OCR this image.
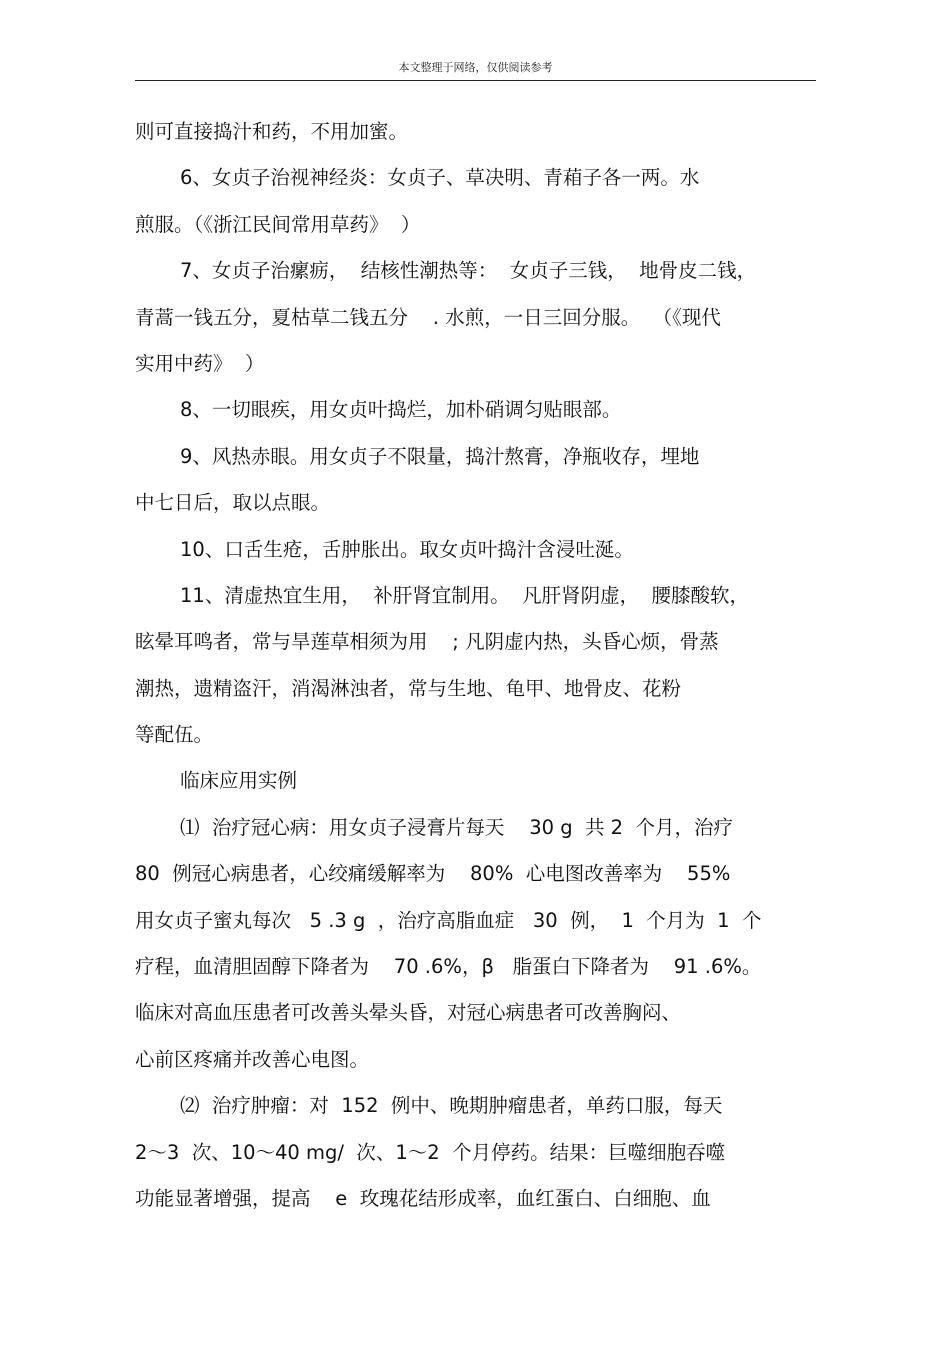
本文整理于网络，仅供阅读参考
则可直接捣汁和药，不用加蜜。
6、女贞子治视神经炎：女贞子、草决明、青葙子各一两。水
煎服。（《浙江民间常用草药》  ）
7、女贞子治瘰疬，  结核性潮热等：  女贞子三钱，  地骨皮二钱，
青蒿一钱五分，夏枯草二钱五分    . 水煎，一日三回分服。  （《现代
实用中药》  ）
8、一切眼疾，用女贞叶捣烂，加朴硝调匀贴眼部。
9、风热赤眼。用女贞子不限量，捣汁熬膏，净瓶收存，埋地
中七日后，取以点眼。
10、口舌生疮，舌肿胀出。取女贞叶捣汁含浸吐涎。
11、清虚热宜生用，  补肝肾宜制用。  凡肝肾阴虚，  腰膝酸软，
眩晕耳鸣者，常与旱莲草相须为用    ; 凡阴虚内热，头昏心烦，骨蒸
潮热，遗精盗汗，消渴淋浊者，常与生地、龟甲、地骨皮、花粉
等配伍。
临床应用实例
⑴  治疗冠心病：用女贞子浸膏片每天    30 g  共 2  个月，治疗
80  例冠心病患者，心绞痛缓解率为    80%  心电图改善率为    55%
用女贞子蜜丸每次   5 .3 g  ，治疗高脂血症   30  例，  1  个月为  1  个
疗程，血清胆固醇下降者为    70 .6%，β   脂蛋白下降者为    91 .6%。
临床对高血压患者可改善头晕头昏，对冠心病患者可改善胸闷、
心前区疼痛并改善心电图。
⑵  治疗肿瘤：对  152  例中、晚期肿瘤患者，单药口服，每天
2～3  次、10～40 mg/  次、1～2  个月停药。结果：巨噬细胞吞噬
功能显著增强，提高    e  玫瑰花结形成率，血红蛋白、白细胞、血
